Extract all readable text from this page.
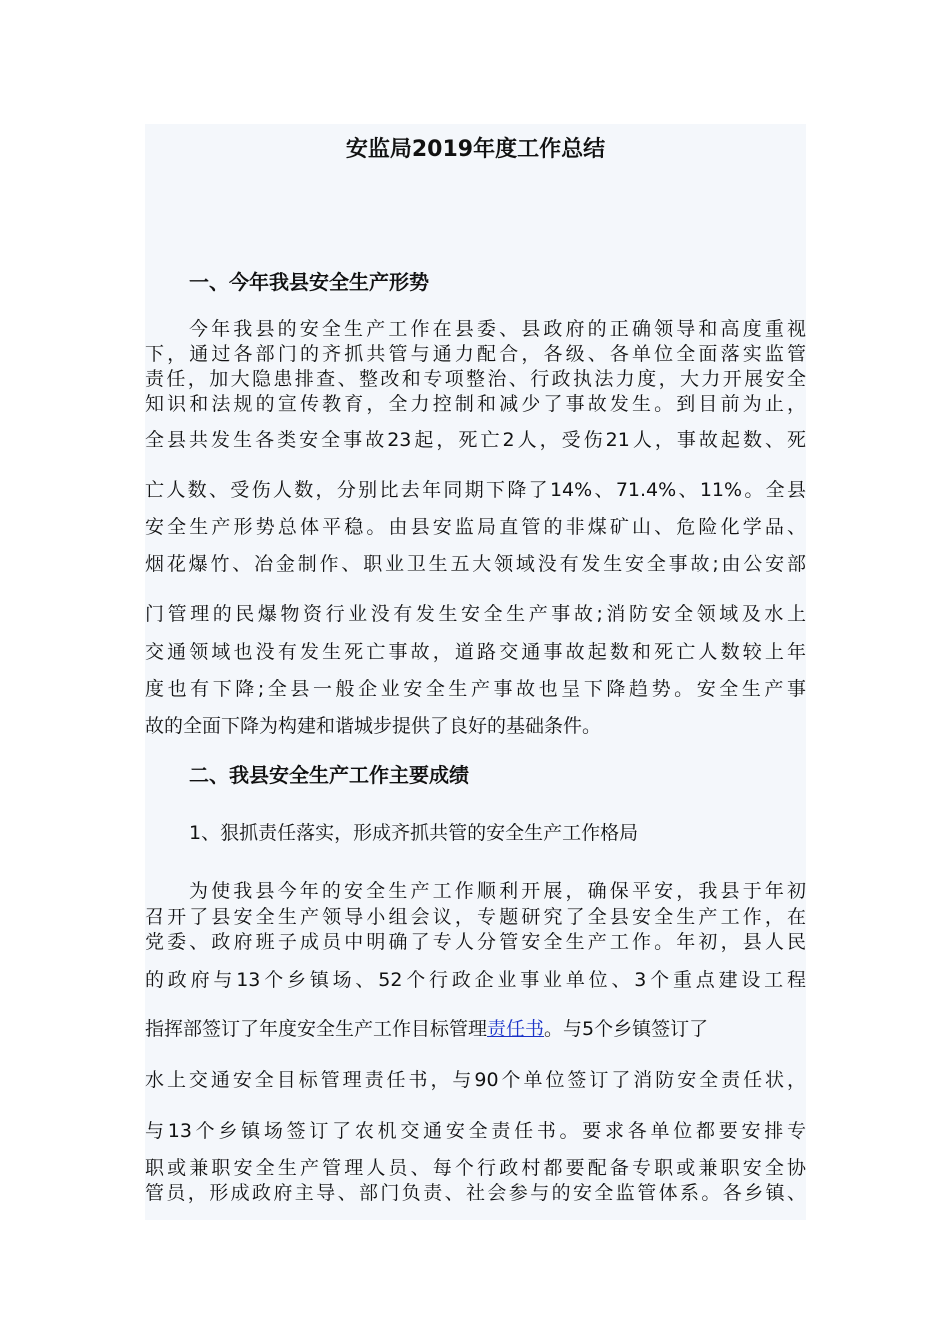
安监局2019年度工作总结
一、今年我县安全生产形势
今年我县的安全生产工作在县委、县政府的正确领导和高度重视
下，通过各部门的齐抓共管与通力配合，各级、各单位全面落实监管
责任，加大隐患排查、整改和专项整治、行政执法力度，大力开展安全
知识和法规的宣传教育，全力控制和减少了事故发生。到目前为止，
全县共发生各类安全事故23起，死亡2人，受伤21人，事故起数、死
亡人数、受伤人数，分别比去年同期下降了14%、71.4%、11%。全县
安全生产形势总体平稳。由县安监局直管的非煤矿山、危险化学品、
烟花爆竹、冶金制作、职业卫生五大领域没有发生安全事故;由公安部
门管理的民爆物资行业没有发生安全生产事故;消防安全领域及水上
交通领域也没有发生死亡事故，道路交通事故起数和死亡人数较上年
度也有下降;全县一般企业安全生产事故也呈下降趋势。安全生产事
故的全面下降为构建和谐城步提供了良好的基础条件。
二、我县安全生产工作主要成绩
1、狠抓责任落实，形成齐抓共管的安全生产工作格局
为使我县今年的安全生产工作顺利开展，确保平安，我县于年初
召开了县安全生产领导小组会议，专题研究了全县安全生产工作，在
党委、政府班子成员中明确了专人分管安全生产工作。年初，县人民
的政府与13个乡镇场、52个行政企业事业单位、3个重点建设工程
指挥部签订了年度安全生产工作目标管理责任书。与5个乡镇签订了
水上交通安全目标管理责任书，与90个单位签订了消防安全责任状，
与13个乡镇场签订了农机交通安全责任书。要求各单位都要安排专
职或兼职安全生产管理人员、每个行政村都要配备专职或兼职安全协
管员，形成政府主导、部门负责、社会参与的安全监管体系。各乡镇、
